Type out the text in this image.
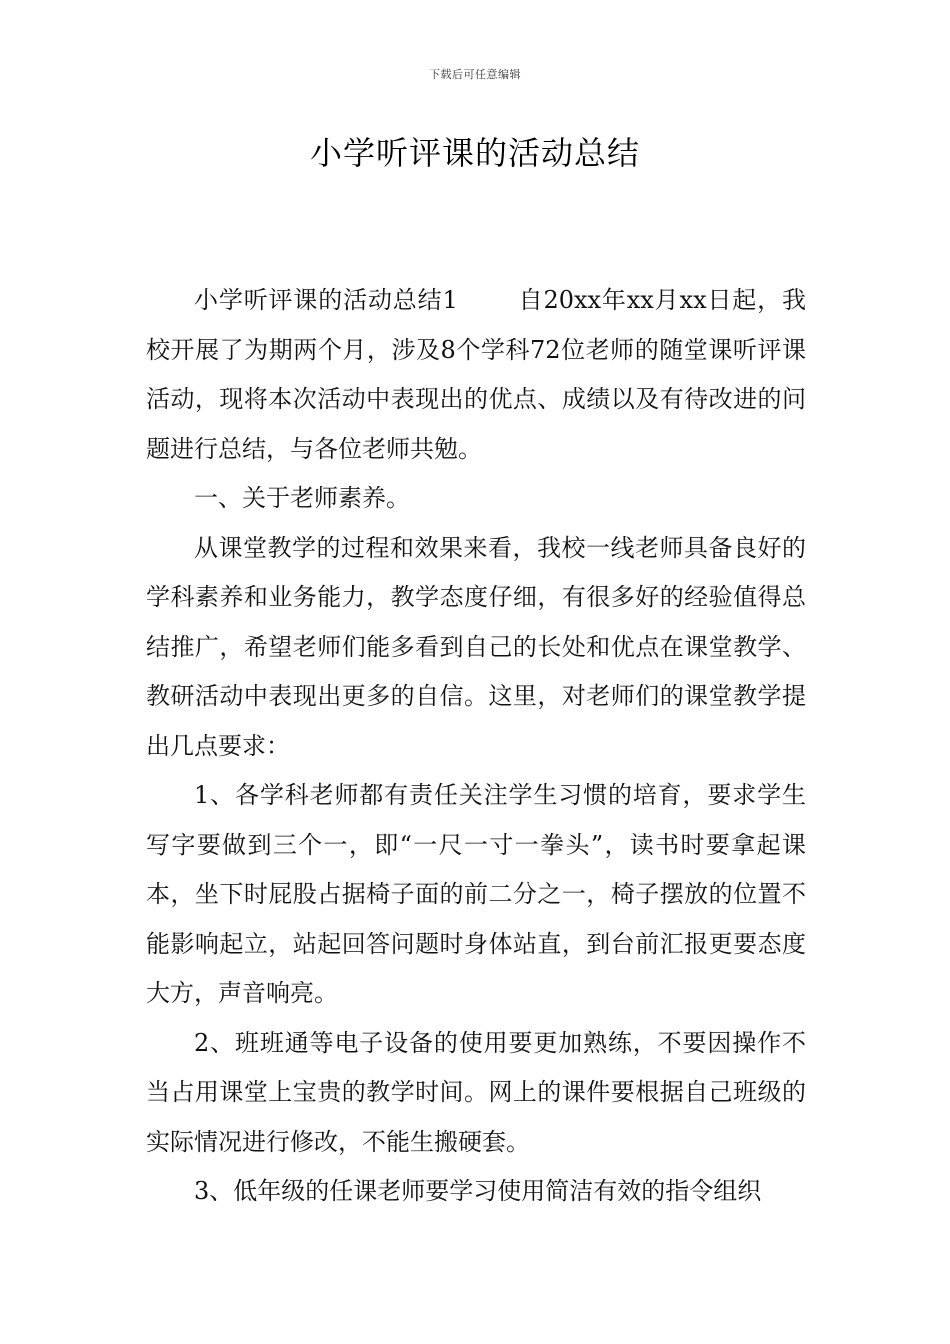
下载后可任意编辑
小学听评课的活动总结

小学听评课的活动总结1	自20xx年xx月xx日起，我校开展了为期两个月，涉及8个学科72位老师的随堂课听评课活动，现将本次活动中表现出的优点、成绩以及有待改进的问题进行总结，与各位老师共勉。

一、关于老师素养。

从课堂教学的过程和效果来看，我校一线老师具备良好的学科素养和业务能力，教学态度仔细，有很多好的经验值得总结推广，希望老师们能多看到自己的长处和优点在课堂教学、教研活动中表现出更多的自信。这里，对老师们的课堂教学提出几点要求：

1、各学科老师都有责任关注学生习惯的培育，要求学生写字要做到三个一，即“一尺一寸一拳头”，读书时要拿起课本，坐下时屁股占据椅子面的前二分之一，椅子摆放的位置不能影响起立，站起回答问题时身体站直，到台前汇报更要态度大方，声音响亮。

2、班班通等电子设备的使用要更加熟练，不要因操作不当占用课堂上宝贵的教学时间。网上的课件要根据自己班级的实际情况进行修改，不能生搬硬套。

3、低年级的任课老师要学习使用简洁有效的指令组织
